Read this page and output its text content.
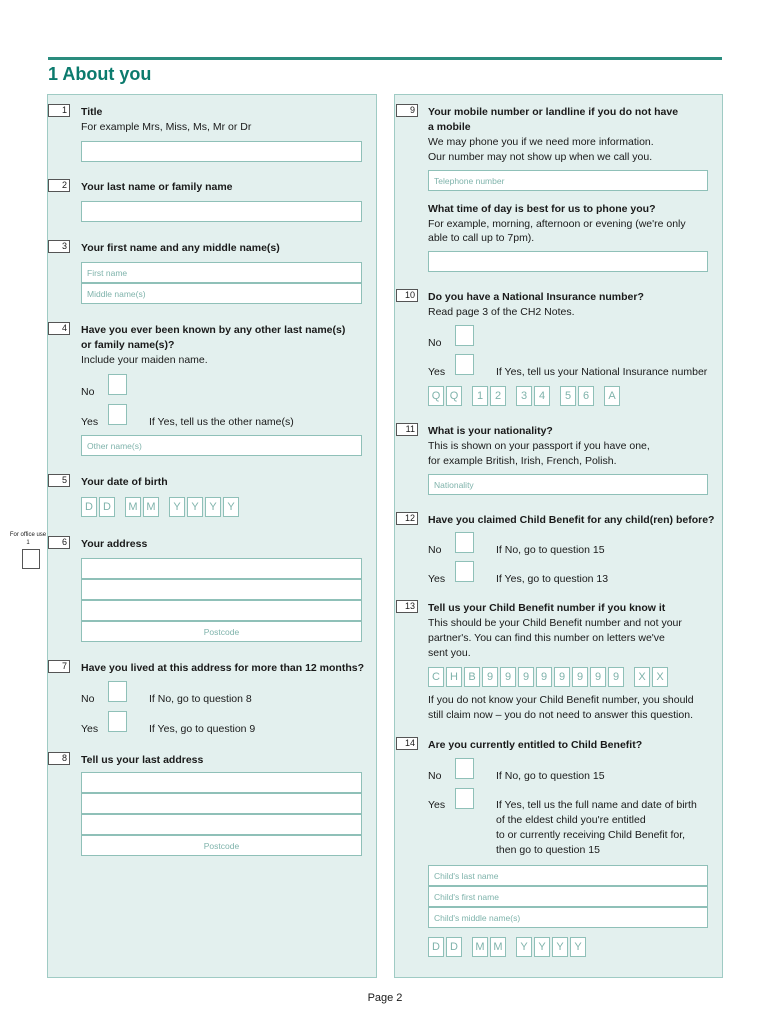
1 About you
For office use 1
1 Title
For example Mrs, Miss, Ms, Mr or Dr
2 Your last name or family name
3 Your first name and any middle name(s)
First name
Middle name(s)
4 Have you ever been known by any other last name(s)
or family name(s)?
Include your maiden name.
No
Yes	If Yes, tell us the other name(s)
Other name(s)
5 Your date of birth
D D	M M	Y Y Y Y
6 Your address
Postcode
7 Have you lived at this address for more than 12 months?
No	If No, go to question 8
Yes	If Yes, go to question 9
8 Tell us your last address
Postcode
9 Your mobile number or landline if you do not have
a mobile
We may phone you if we need more information.
Our number may not show up when we call you.
Telephone number
What time of day is best for us to phone you?
For example, morning, afternoon or evening (we're only
able to call up to 7pm).
10 Do you have a National Insurance number?
Read page 3 of the CH2 Notes.
No
Yes	If Yes, tell us your National Insurance number
Q Q	1	2	3	4	5	6	A
11 What is your nationality?
This is shown on your passport if you have one,
for example British, Irish, French, Polish.
Nationality
12 Have you claimed Child Benefit for any child(ren) before?
No	If No, go to question 15
Yes	If Yes, go to question 13
13 Tell us your Child Benefit number if you know it
This should be your Child Benefit number and not your
partner's. You can find this number on letters we've
sent you.
C H B	9	9	9	9	9	9	9	9	X X
If you do not know your Child Benefit number, you should
still claim now – you do not need to answer this question.
14 Are you currently entitled to Child Benefit?
No	If No, go to question 15
Yes	If Yes, tell us the full name and date of birth
of the eldest child you're entitled
to or currently receiving Child Benefit for,
then go to question 15
Child's last name
Child's first name
Child's middle name(s)
D D	M M	Y Y Y Y
Page 2
